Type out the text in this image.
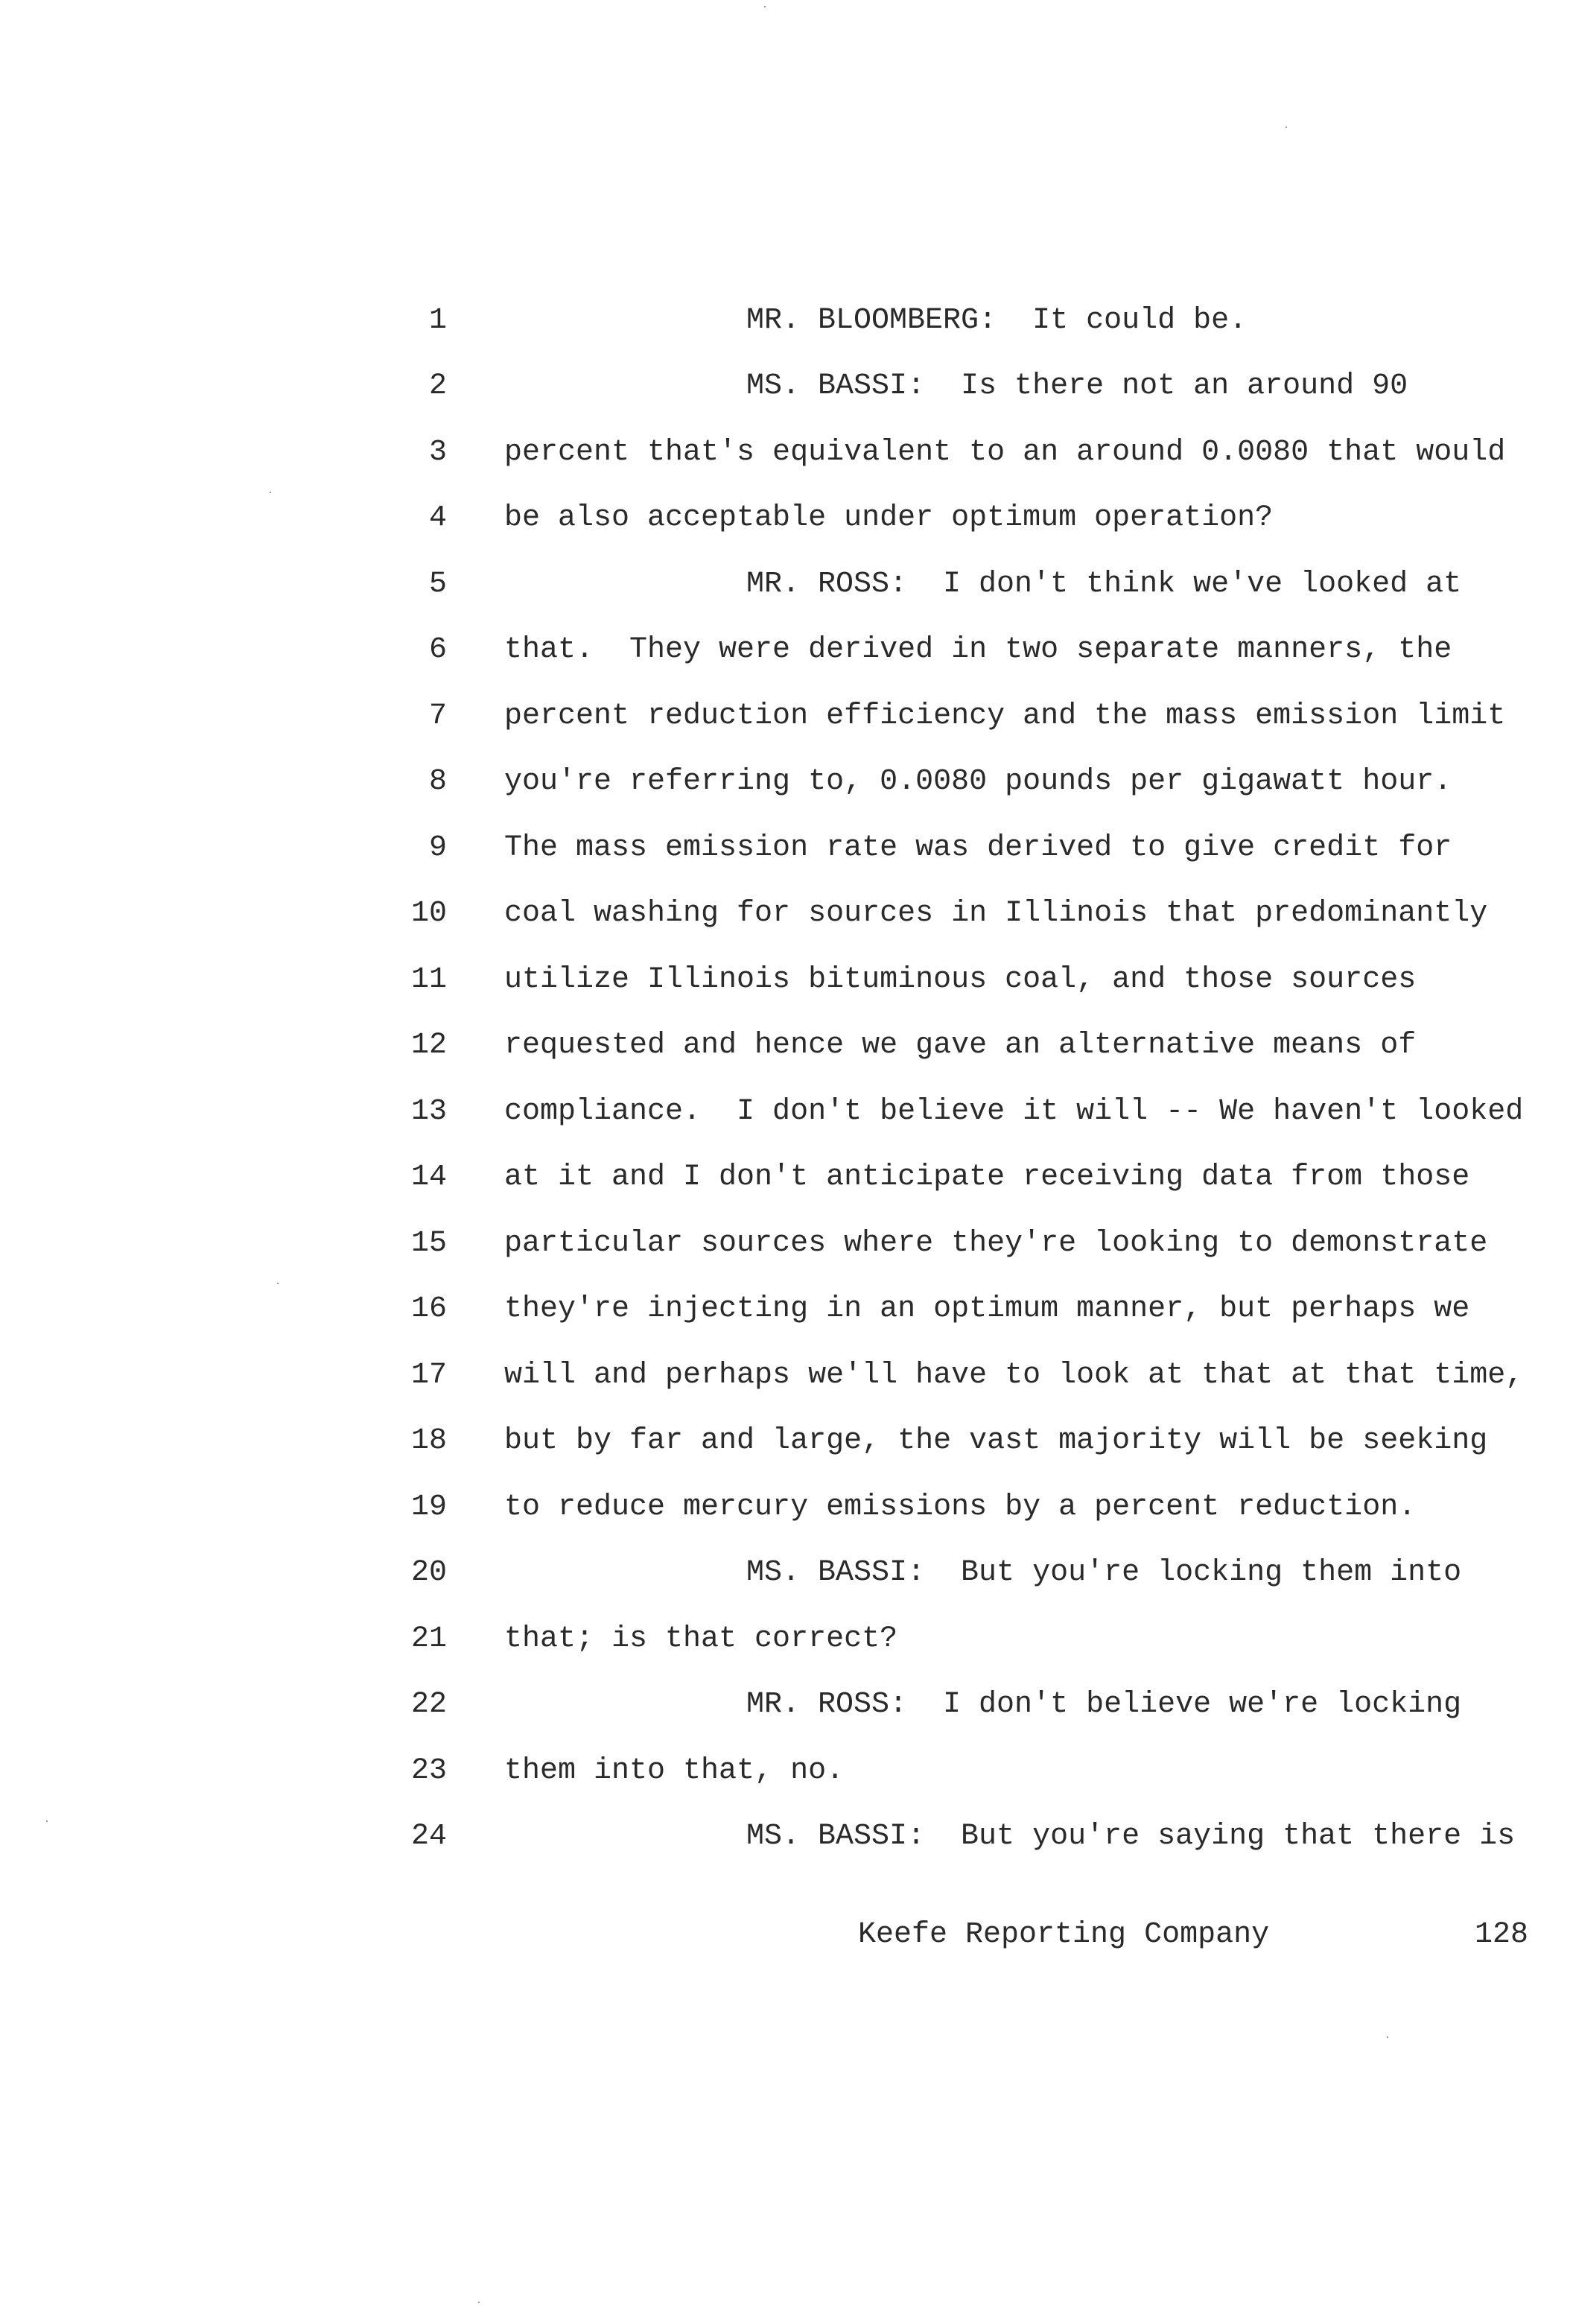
1

	MR. BLOOMBERG:  It could be.

2

	MS. BASSI:  Is there not an around 90

3

percent that's equivalent to an around 0.0080 that would

4

be also acceptable under optimum operation?

5

	MR. ROSS:  I don't think we've looked at

6

that.  They were derived in two separate manners, the

7

percent reduction efficiency and the mass emission limit

8

you're referring to, 0.0080 pounds per gigawatt hour.

9

The mass emission rate was derived to give credit for

10

coal washing for sources in Illinois that predominantly

11

utilize Illinois bituminous coal, and those sources

12

requested and hence we gave an alternative means of

13

compliance.  I don't believe it will -- We haven't looked

14

at it and I don't anticipate receiving data from those

15

particular sources where they're looking to demonstrate

16

they're injecting in an optimum manner, but perhaps we

17

will and perhaps we'll have to look at that at that time,

18

but by far and large, the vast majority will be seeking

19

to reduce mercury emissions by a percent reduction.

20

	MS. BASSI:  But you're locking them into

21

that; is that correct?

22

	MR. ROSS:  I don't believe we're locking

23

them into that, no.

24

	MS. BASSI:  But you're saying that there is

Keefe Reporting Company

	128
